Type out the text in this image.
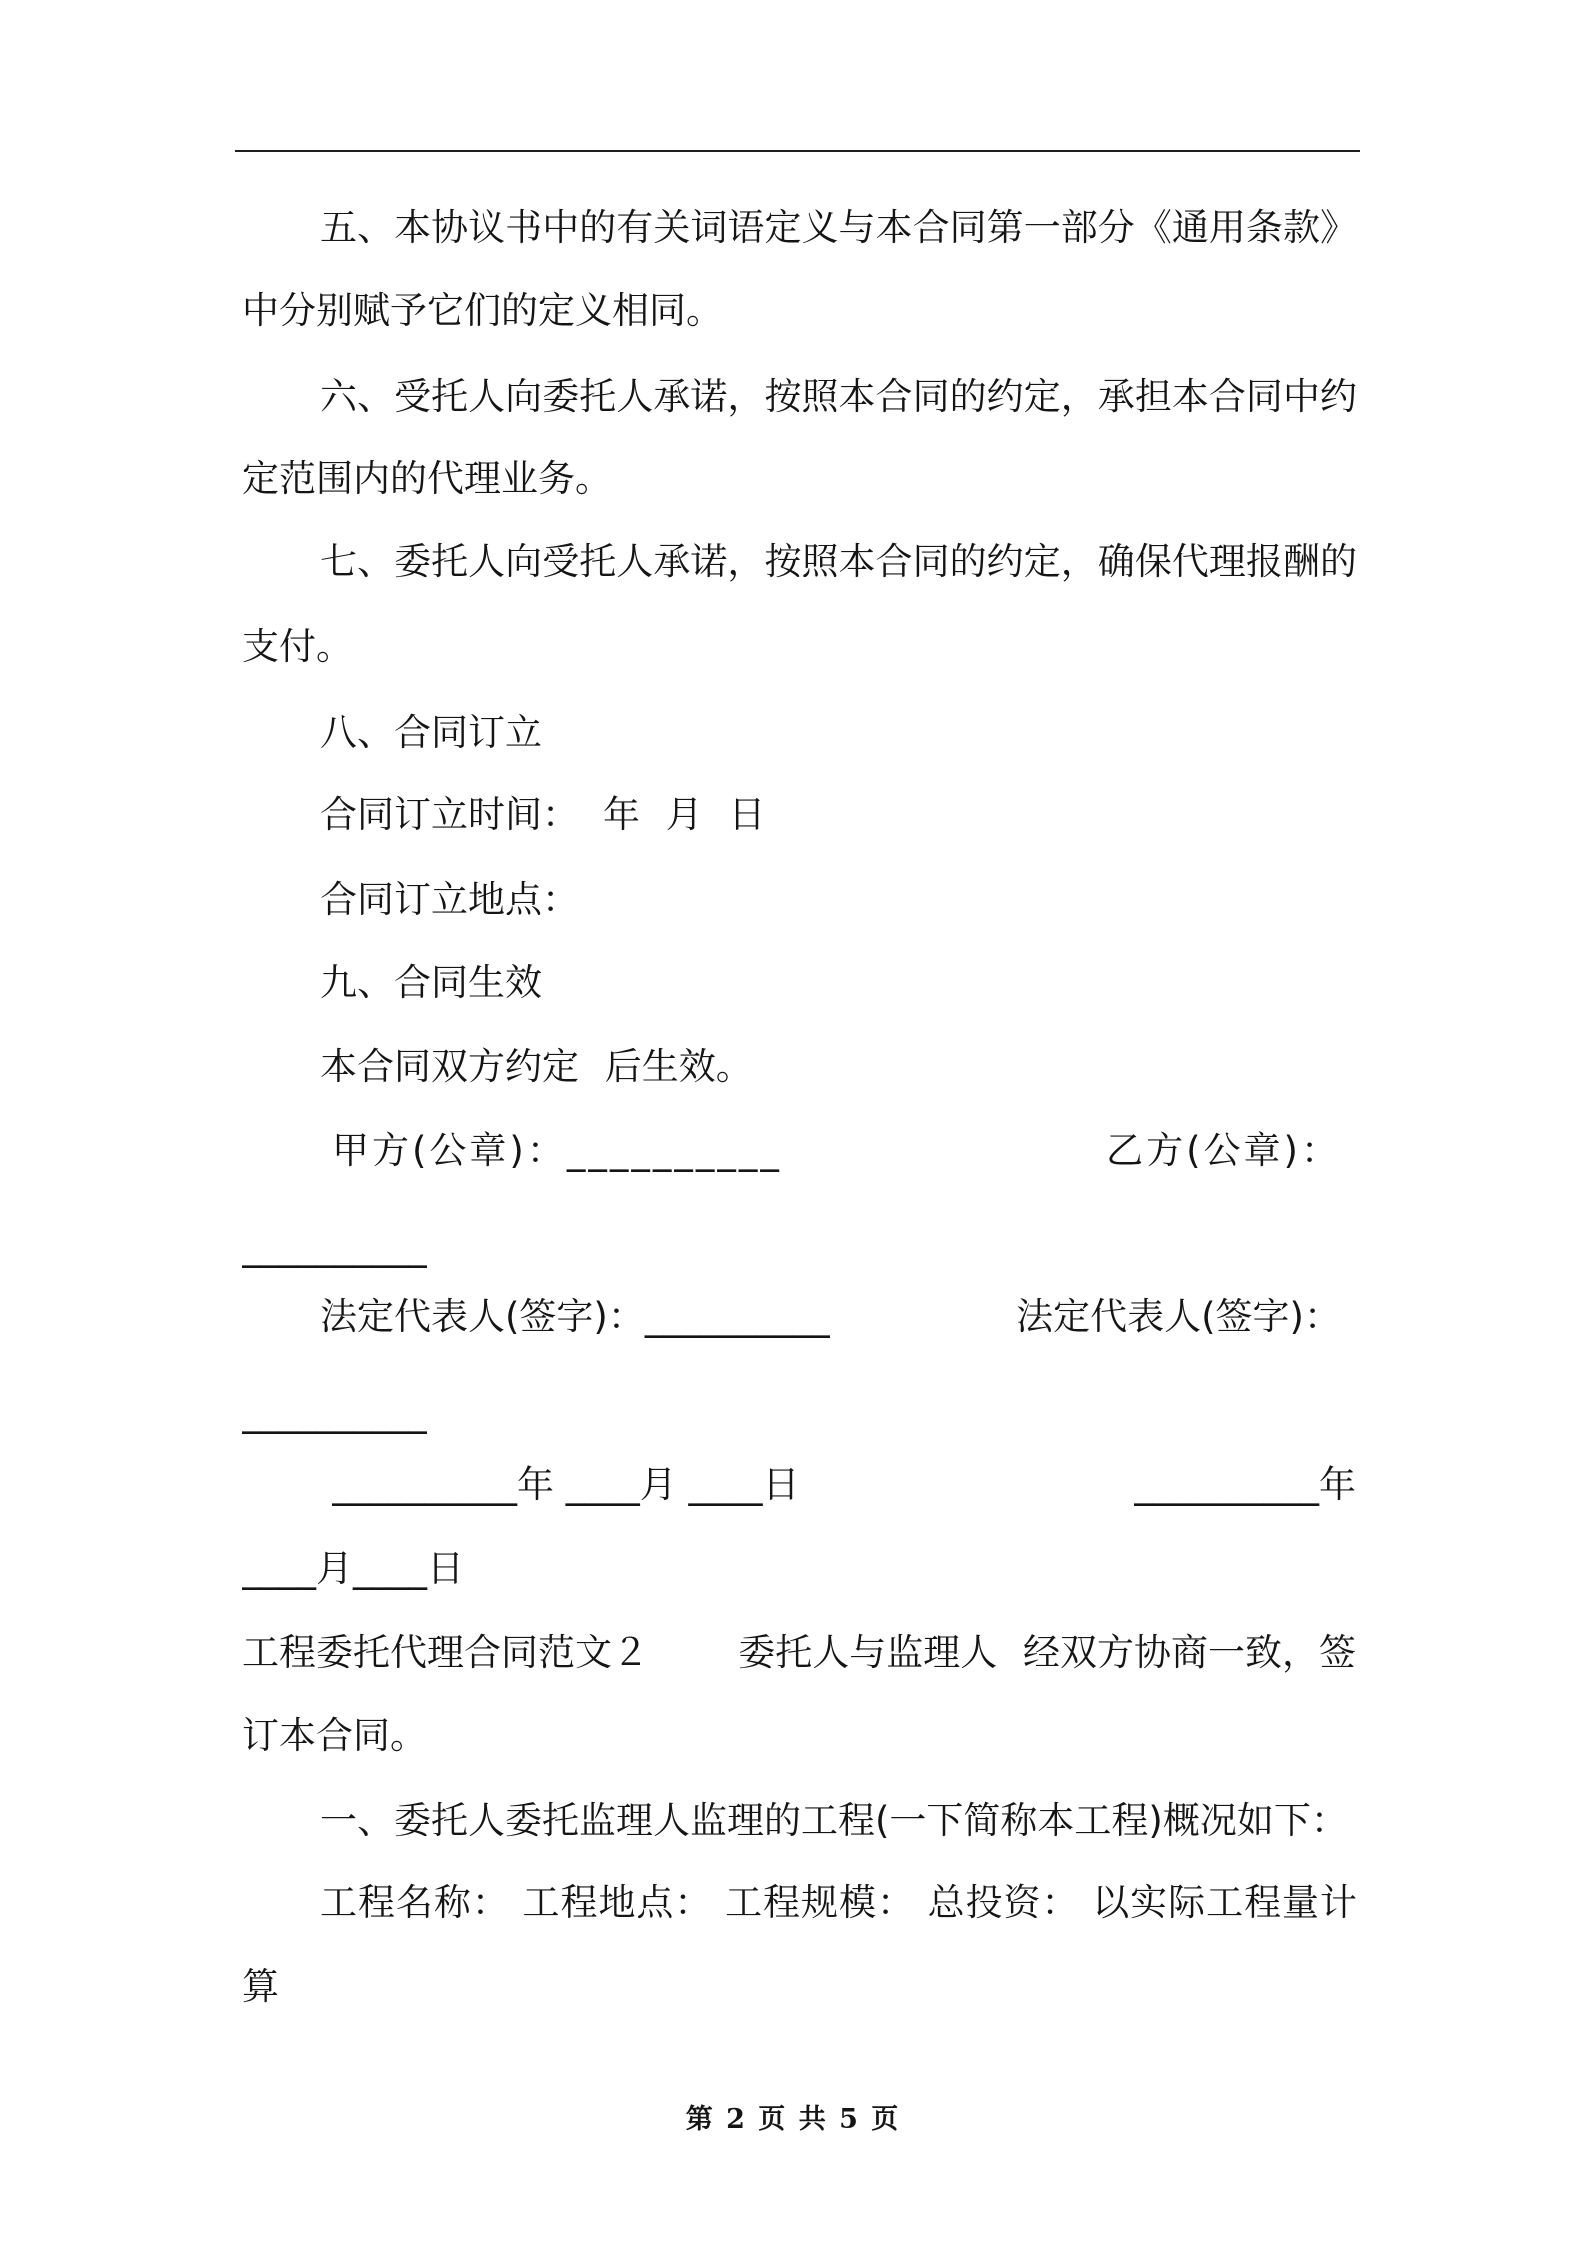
五、本协议书中的有关词语定义与本合同第一部分《通用条款》
中分别赋予它们的定义相同。
六、受托人向委托人承诺，按照本合同的约定，承担本合同中约
定范围内的代理业务。
七、委托人向受托人承诺，按照本合同的约定，确保代理报酬的
支付。
八、合同订立
合同订立时间： 年 月 日
合同订立地点：
九、合同生效
本合同双方约定 后生效。
甲方(公章)：__________	乙方(公章)：
__________
法定代表人(签字)：__________	法定代表人(签字)：
__________
__________年 ____月 ____日	__________年
____月____日
工程委托代理合同范文２ 委托人与监理人 经双方协商一致，签
订本合同。
一、委托人委托监理人监理的工程(一下简称本工程)概况如下：
工程名称： 工程地点： 工程规模： 总投资： 以实际工程量计
算
第 2 页 共 5 页
